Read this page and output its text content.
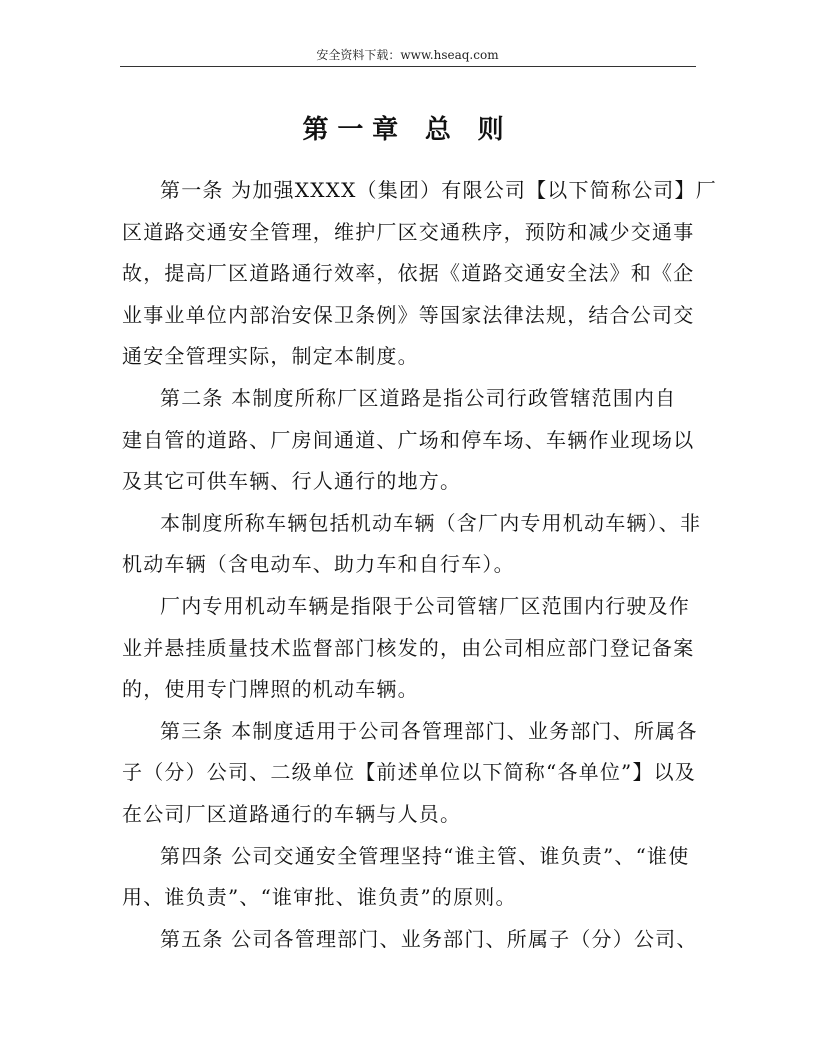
安全资料下载：www.hseaq.com
第一章 总 则

第一条 为加强XXXX（集团）有限公司【以下简称公司】厂
区道路交通安全管理，维护厂区交通秩序，预防和减少交通事
故，提高厂区道路通行效率，依据《道路交通安全法》和《企
业事业单位内部治安保卫条例》等国家法律法规，结合公司交
通安全管理实际，制定本制度。

第二条 本制度所称厂区道路是指公司行政管辖范围内自
建自管的道路、厂房间通道、广场和停车场、车辆作业现场以
及其它可供车辆、行人通行的地方。

本制度所称车辆包括机动车辆（含厂内专用机动车辆）、非
机动车辆（含电动车、助力车和自行车）。

厂内专用机动车辆是指限于公司管辖厂区范围内行驶及作
业并悬挂质量技术监督部门核发的，由公司相应部门登记备案
的，使用专门牌照的机动车辆。

第三条 本制度适用于公司各管理部门、业务部门、所属各
子（分）公司、二级单位【前述单位以下简称“各单位”】以及
在公司厂区道路通行的车辆与人员。

第四条 公司交通安全管理坚持“谁主管、谁负责”、“谁使
用、谁负责”、“谁审批、谁负责”的原则。

第五条 公司各管理部门、业务部门、所属子（分）公司、
